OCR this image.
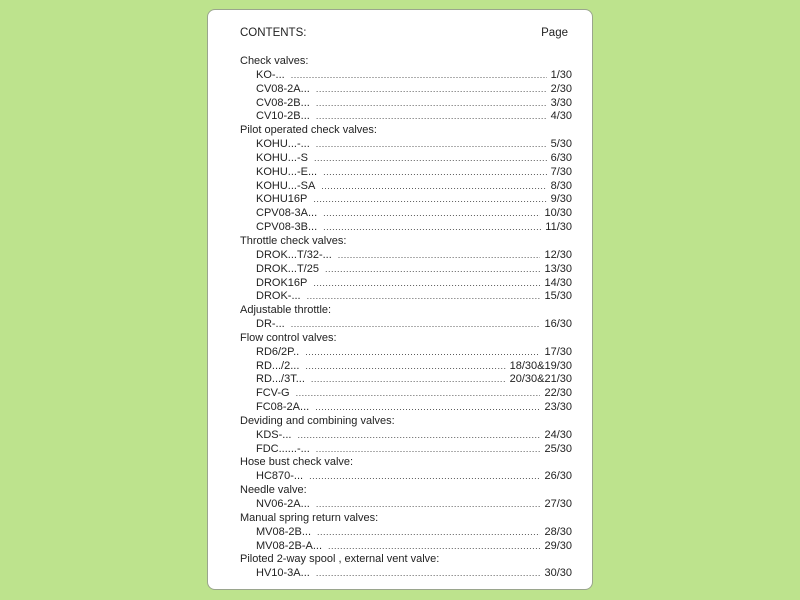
CONTENTS:	Page
Check valves:
KO-... .....	1/30
CV08-2A... .....	2/30
CV08-2B... .....	3/30
CV10-2B... .....	4/30
Pilot operated check valves:
KOHU...-... .....	5/30
KOHU...-S .....	6/30
KOHU...-E... .....	7/30
KOHU...-SA .....	8/30
KOHU16P .....	9/30
CPV08-3A... .....	10/30
CPV08-3B... .....	11/30
Throttle check valves:
DROK...T/32-... .....	12/30
DROK...T/25 .....	13/30
DROK16P .....	14/30
DROK-... .....	15/30
Adjustable throttle:
DR-... .....	16/30
Flow control valves:
RD6/2P.. .....	17/30
RD.../2... .....	18/30&19/30
RD.../3T... .....	20/30&21/30
FCV-G .....	22/30
FC08-2A... .....	23/30
Deviding and combining valves:
KDS-... .....	24/30
FDC......-... .....	25/30
Hose bust check valve:
HC870-... .....	26/30
Needle valve:
NV06-2A... .....	27/30
Manual spring return valves:
MV08-2B... .....	28/30
MV08-2B-A... .....	29/30
Piloted 2-way spool , external vent valve:
HV10-3A... .....	30/30
